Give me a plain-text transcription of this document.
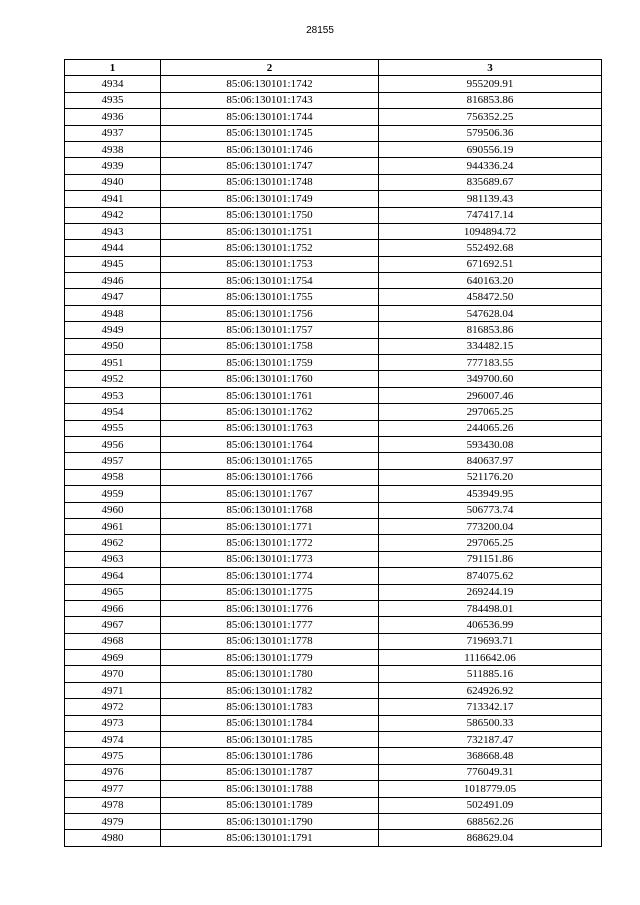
28155
1	2	3
4934	85:06:130101:1742	955209.91
4935	85:06:130101:1743	816853.86
4936	85:06:130101:1744	756352.25
4937	85:06:130101:1745	579506.36
4938	85:06:130101:1746	690556.19
4939	85:06:130101:1747	944336.24
4940	85:06:130101:1748	835689.67
4941	85:06:130101:1749	981139.43
4942	85:06:130101:1750	747417.14
4943	85:06:130101:1751	1094894.72
4944	85:06:130101:1752	552492.68
4945	85:06:130101:1753	671692.51
4946	85:06:130101:1754	640163.20
4947	85:06:130101:1755	458472.50
4948	85:06:130101:1756	547628.04
4949	85:06:130101:1757	816853.86
4950	85:06:130101:1758	334482.15
4951	85:06:130101:1759	777183.55
4952	85:06:130101:1760	349700.60
4953	85:06:130101:1761	296007.46
4954	85:06:130101:1762	297065.25
4955	85:06:130101:1763	244065.26
4956	85:06:130101:1764	593430.08
4957	85:06:130101:1765	840637.97
4958	85:06:130101:1766	521176.20
4959	85:06:130101:1767	453949.95
4960	85:06:130101:1768	506773.74
4961	85:06:130101:1771	773200.04
4962	85:06:130101:1772	297065.25
4963	85:06:130101:1773	791151.86
4964	85:06:130101:1774	874075.62
4965	85:06:130101:1775	269244.19
4966	85:06:130101:1776	784498.01
4967	85:06:130101:1777	406536.99
4968	85:06:130101:1778	719693.71
4969	85:06:130101:1779	1116642.06
4970	85:06:130101:1780	511885.16
4971	85:06:130101:1782	624926.92
4972	85:06:130101:1783	713342.17
4973	85:06:130101:1784	586500.33
4974	85:06:130101:1785	732187.47
4975	85:06:130101:1786	368668.48
4976	85:06:130101:1787	776049.31
4977	85:06:130101:1788	1018779.05
4978	85:06:130101:1789	502491.09
4979	85:06:130101:1790	688562.26
4980	85:06:130101:1791	868629.04
